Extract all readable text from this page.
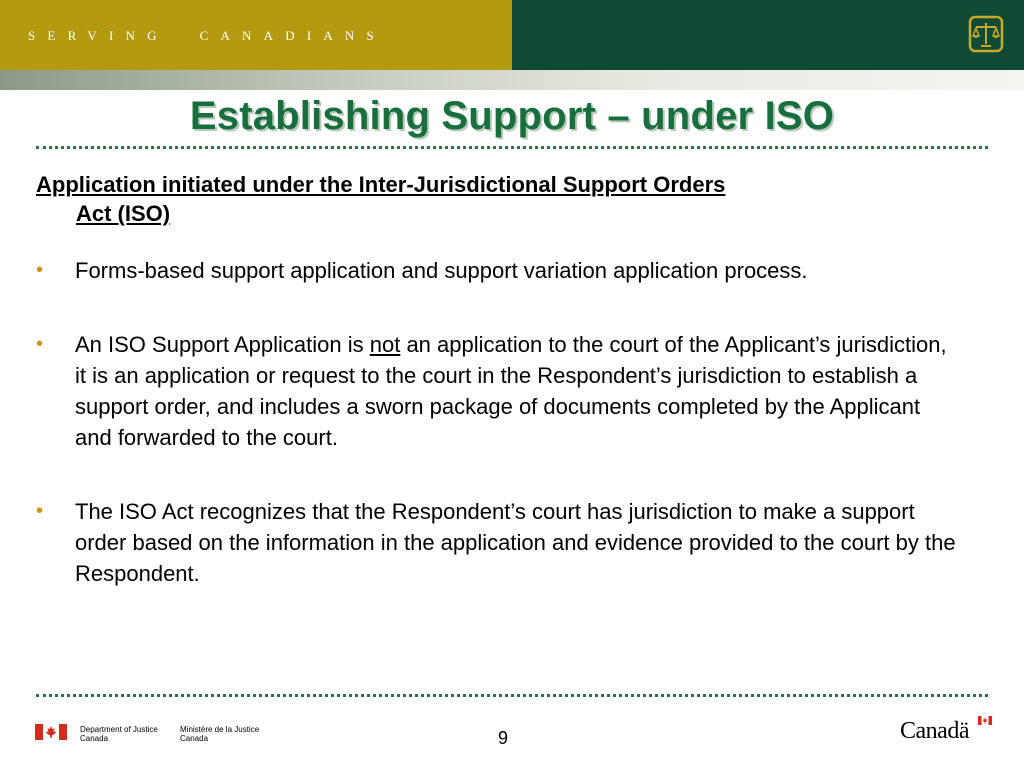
SERVING  CANADIANS
Establishing Support – under ISO
Application initiated under the Inter-Jurisdictional Support Orders
Act (ISO)
• Forms-based support application and support variation application process.
• An ISO Support Application is not an application to the court of the Applicant’s jurisdiction, it is an application or request to the court in the Respondent’s jurisdiction to establish a support order, and includes a sworn package of documents completed by the Applicant and forwarded to the court.
• The ISO Act recognizes that the Respondent’s court has jurisdiction to make a support order based on the information in the application and evidence provided to the court by the Respondent.
Department of Justice
Canada
Ministère de la Justice
Canada	9	Canadä
